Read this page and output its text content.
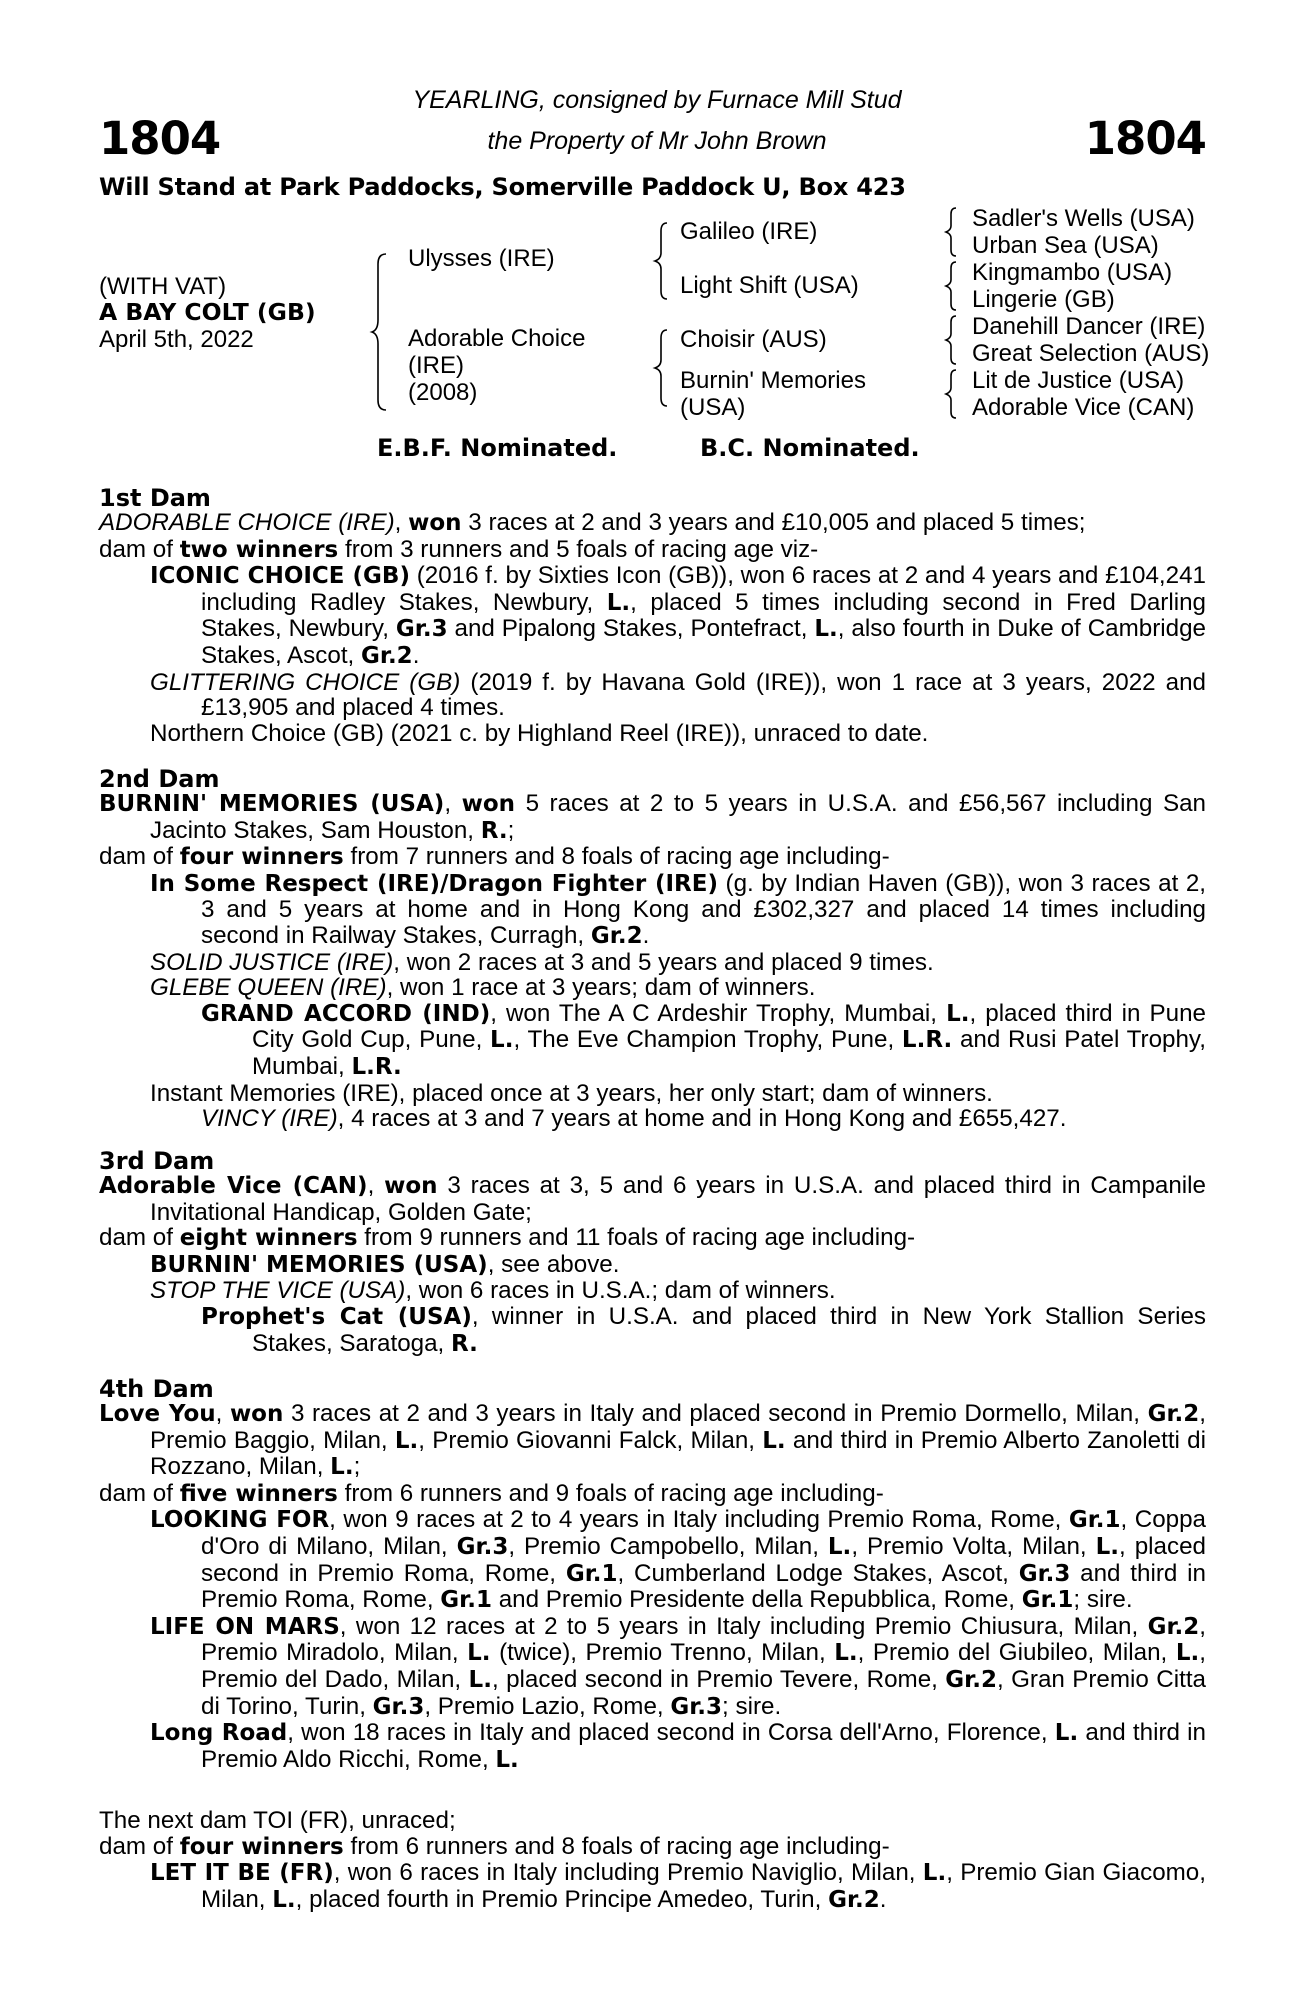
1804	1804
YEARLING, consigned by Furnace Mill Stud
the Property of Mr John Brown
Will Stand at Park Paddocks, Somerville Paddock U, Box 423
(WITH VAT)
A BAY COLT (GB)
April 5th, 2022
Ulysses (IRE)
Adorable Choice
(IRE)
(2008)
Galileo (IRE)
Light Shift (USA)
Choisir (AUS)
Burnin' Memories
(USA)
Sadler's Wells (USA)
Urban Sea (USA)
Kingmambo (USA)
Lingerie (GB)
Danehill Dancer (IRE)
Great Selection (AUS)
Lit de Justice (USA)
Adorable Vice (CAN)
E.B.F. Nominated.	B.C. Nominated.
1st Dam
ADORABLE CHOICE (IRE), won 3 races at 2 and 3 years and £10,005 and placed 5 times;
dam of two winners from 3 runners and 5 foals of racing age viz-
ICONIC CHOICE (GB) (2016 f. by Sixties Icon (GB)), won 6 races at 2 and 4 years and £104,241 including Radley Stakes, Newbury, L., placed 5 times including second in Fred Darling Stakes, Newbury, Gr.3 and Pipalong Stakes, Pontefract, L., also fourth in Duke of Cambridge Stakes, Ascot, Gr.2.
GLITTERING CHOICE (GB) (2019 f. by Havana Gold (IRE)), won 1 race at 3 years, 2022 and £13,905 and placed 4 times.
Northern Choice (GB) (2021 c. by Highland Reel (IRE)), unraced to date.
2nd Dam
BURNIN' MEMORIES (USA), won 5 races at 2 to 5 years in U.S.A. and £56,567 including San Jacinto Stakes, Sam Houston, R.;
dam of four winners from 7 runners and 8 foals of racing age including-
In Some Respect (IRE)/Dragon Fighter (IRE) (g. by Indian Haven (GB)), won 3 races at 2, 3 and 5 years at home and in Hong Kong and £302,327 and placed 14 times including second in Railway Stakes, Curragh, Gr.2.
SOLID JUSTICE (IRE), won 2 races at 3 and 5 years and placed 9 times.
GLEBE QUEEN (IRE), won 1 race at 3 years; dam of winners.
GRAND ACCORD (IND), won The A C Ardeshir Trophy, Mumbai, L., placed third in Pune City Gold Cup, Pune, L., The Eve Champion Trophy, Pune, L.R. and Rusi Patel Trophy, Mumbai, L.R.
Instant Memories (IRE), placed once at 3 years, her only start; dam of winners.
VINCY (IRE), 4 races at 3 and 7 years at home and in Hong Kong and £655,427.
3rd Dam
Adorable Vice (CAN), won 3 races at 3, 5 and 6 years in U.S.A. and placed third in Campanile Invitational Handicap, Golden Gate;
dam of eight winners from 9 runners and 11 foals of racing age including-
BURNIN' MEMORIES (USA), see above.
STOP THE VICE (USA), won 6 races in U.S.A.; dam of winners.
Prophet's Cat (USA), winner in U.S.A. and placed third in New York Stallion Series Stakes, Saratoga, R.
4th Dam
Love You, won 3 races at 2 and 3 years in Italy and placed second in Premio Dormello, Milan, Gr.2, Premio Baggio, Milan, L., Premio Giovanni Falck, Milan, L. and third in Premio Alberto Zanoletti di Rozzano, Milan, L.;
dam of five winners from 6 runners and 9 foals of racing age including-
LOOKING FOR, won 9 races at 2 to 4 years in Italy including Premio Roma, Rome, Gr.1, Coppa d'Oro di Milano, Milan, Gr.3, Premio Campobello, Milan, L., Premio Volta, Milan, L., placed second in Premio Roma, Rome, Gr.1, Cumberland Lodge Stakes, Ascot, Gr.3 and third in Premio Roma, Rome, Gr.1 and Premio Presidente della Repubblica, Rome, Gr.1; sire.
LIFE ON MARS, won 12 races at 2 to 5 years in Italy including Premio Chiusura, Milan, Gr.2, Premio Miradolo, Milan, L. (twice), Premio Trenno, Milan, L., Premio del Giubileo, Milan, L., Premio del Dado, Milan, L., placed second in Premio Tevere, Rome, Gr.2, Gran Premio Citta di Torino, Turin, Gr.3, Premio Lazio, Rome, Gr.3; sire.
Long Road, won 18 races in Italy and placed second in Corsa dell'Arno, Florence, L. and third in Premio Aldo Ricchi, Rome, L.
The next dam TOI (FR), unraced;
dam of four winners from 6 runners and 8 foals of racing age including-
LET IT BE (FR), won 6 races in Italy including Premio Naviglio, Milan, L., Premio Gian Giacomo, Milan, L., placed fourth in Premio Principe Amedeo, Turin, Gr.2.
